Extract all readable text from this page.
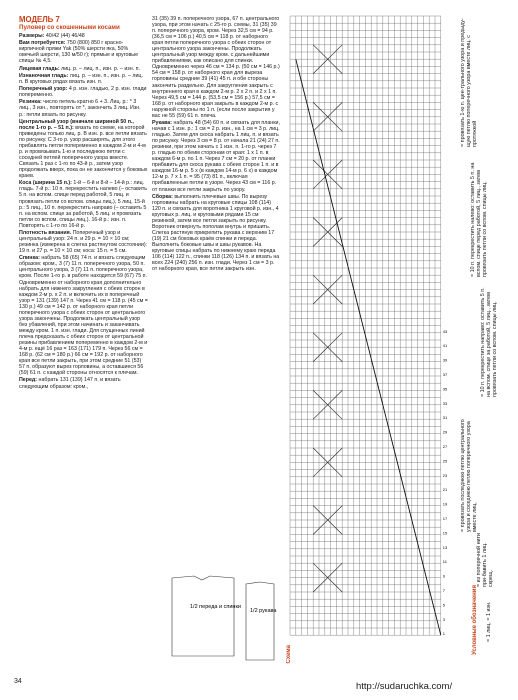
МОДЕЛЬ 7
Пуловер со скошенными косами
Размеры: 40/42 (44) 46/48
Вам потребуется: 750 (800) 850 г красно-кирпичной пряжи Yak (50% шерсти яка, 50% овечьей шерсти, 130 м/50 г); прямые и круговые спицы № 4,5.
Лицевая гладь: лиц. р. – лиц. п., изн. р. – изн. п.
Изнаночная гладь: лиц. р. – изн. п., изн. р. – лиц. п. В круговых рядах вязать изн. п.
Поперечный узор: 4 р. изн. гладью, 2 р. изн. глади попеременно.
Резинка: число петель кратно 6 + 3. Лиц. р.: * 3 лиц., 3 изн., повторять от *, закончить 3 лиц. Изн. р.: петли вязать по рисунку.
Центральный узор (вначале шириной 50 п., после 1-го р. – 51 п.): вязать по схеме, на которой приведены только лиц. р. В изн. р. все петли вязать по рисунку. С 3-го р. узор расширять, для этого прибавлять петли попеременно в каждом 2-м и 4-м р. и провязывать 1-ю и последнюю петли с соседней петлей поперечного узора вместе. Связать 1 раз с 1-го по 43-й р., затем узор продолжать вверх, пока он не закончится у боковых краев.
Коса (ширина 15 п.): 1-й – 6-й и 8-й – 14-й р.: лиц. гладь. 7-й р.: 10 п. перекрестить налево (– оставить 5 п. на вспом. спице перед работой, 5 лиц. и провязать петли со вспом. спицы лиц.), 5 лиц. 15-й р.: 5 лиц., 10 п. перекрестить направо (– оставить 5 п. на вспом. спице за работой, 5 лиц. и провязать петли со вспом. спицы лиц.). 16-й р.: изн. п. Повторять с 1-го по 16-й р.
Плотность вязания. Поперечный узор и центральный узор: 24 п. и 29 р. = 10 × 10 см; резинка (измерена в слегка растянутом состоянии): 19 п. и 27 р. = 10 × 10 см; коса: 15 п. = 5 см.
Спинка: набрать 58 (65) 74 п. и вязать следующим образом: кром., 3 (7) 11 п. поперечного узора, 50 п. центрального узора, 3 (7) 11 п. поперечного узора, кром. После 1-го р. в работе находится 59 (67) 75 п. Одновременно от наборного края дополнительно набрать для нижнего закругления с обеих сторон в каждом 2-м р. х 2 п. и включить их в поперечный узор = 131 (139) 147 п. Через 41 см = 118 р. (45 см = 130 р.) 49 см = 142 р. от наборного края петли поперечного узора с обеих сторон от центрального узора закончены. Продолжать центральный узор без убавлений, при этом начинать и заканчивать между кром. 1 п. изн. глади. Для спущенных линий плеча предсказать с обеих сторон от центральной резины прибавлением попеременно в каждом 2-м и 4-м р. ещё 16 раз = 163 (171) 179 п. Через 56 см = 168 р. (62 см = 180 р.) 66 см = 192 р. от наборного края все петли закрыть, при этом средние 51 (53) 57 п. образуют вырез горловины, а оставшиеся 56 (59) 61 п. с каждой стороны относятся к плечам.
Перед: набрать 131 (139) 147 п. и вязать следующим образом: кром.,
31 (35) 39 п. поперечного узора, 67 п. центрального узора, при этом начать с 25-го р. схемы, 31 (35) 39 п. поперечного узора, кром. Через 32,5 см = 94 р. (36,5 см = 106 р.) 40,5 см = 118 р. от наборного края петли поперечного узора с обеих сторон от центрального узора закончены. Продолжать центральный узор между кром. с дальнейшими прибавлениями, как описано для спинки. Одновременно через 46 см = 134 р. (50 см = 146 р.) 54 см = 158 р. от наборного края для выреза горловины средние 39 (41) 45 п. и обе стороны закончить раздельно. Для закругления закрыть с внутреннего края в каждом 2-м р. 2 х 2 п. и 2 х 1 п. Через 49,5 см = 144 р. (53,5 см = 156 р.) 57,5 см = 168 р. от наборного края закрыть в каждом 2-м р. с наружной стороны по 1 п. (если после закрытия у вас не 55 (59) 61 п. плеча.
Рукава: набрать 48 (54) 60 п. и связать для планки, начав с 1 изн. р.: 1 см = 2 р. изн., на 1 см = 3 р. лиц. гладью. Затем для скоса набрать 1 лиц. п. и вязать по рисунку. Через 3 см = 8 р. от начала 21 (24) 27 п. резинки, при этом начать с 1 изн. п. 1-го р. через 7 р. гладью по обеим сторонам от края: 1 х 1 п. в каждом 6-м р. по 1 п. Через 7 см = 20 р. от планки прибавить для скоса рукава с обеих сторон 1 п. и в каждом 16-м р. 5 х (в каждом 14-м р. 6 х) в каждом 12-м р. 7 х 1 п. = 95 (73) 81 п., включая прибавленные петли в узоре. Через 43 см = 116 р. от планки все петли закрыть по узору.
Сборка: выполнить плечевые швы. По вырезу горловины набрать на круговые спицы 108 (114) 120 п. и связать для воротника 1 круговой р. изн., 4 круговых р. лиц. и круговыми рядами 15 см резинкой, затем все петли закрыть по рисунку. Воротник отвернуть пополам внутрь и пришить. Слегка растянув прикрепить рукава с верхним 17 (19) 21 см боковых краёв спинки и переда. Выполнить боковые швы и швы рукавов. На круговые спицы набрать по нижнему краю переда 106 (114) 122 п., спинки 118 (126) 134 п. и вязать на всех 224 (240) 256 п. изн. глади. Через 1 см = 3 р. от наборного края, все петли закрыть изн.
1
3
5
7
9
11
13
15
17
19
21
23
25
27
29
31
33
35
37
39
41
43
Схема
= провязать 1-ю п. цен-трального узора и предыду-щую петлю поперечного узора вместе лиц. с протяжкой
= 10 п. перекрестить налево: оставить 5 п. на вспом. спице перед работой, 5 лиц., затем провязать петли со вспом. спицы лиц.
= 10 п. перекрестить направо: оставить 5 п. на вспом. спице за работой, 5 лиц., затем провязать петли со вспом. спицы лиц.
= провязать последнюю петлю центрального узора и соседнюю петлю поперечного узора вместе лиц.
= из поперечной нити при-бавить 1 лиц. скрещ.
= 1 лиц. = 1 изн.
Условные обозначения
1/2 переда и спинки
1/2 рукава
34	http://sudaruchka.com/
